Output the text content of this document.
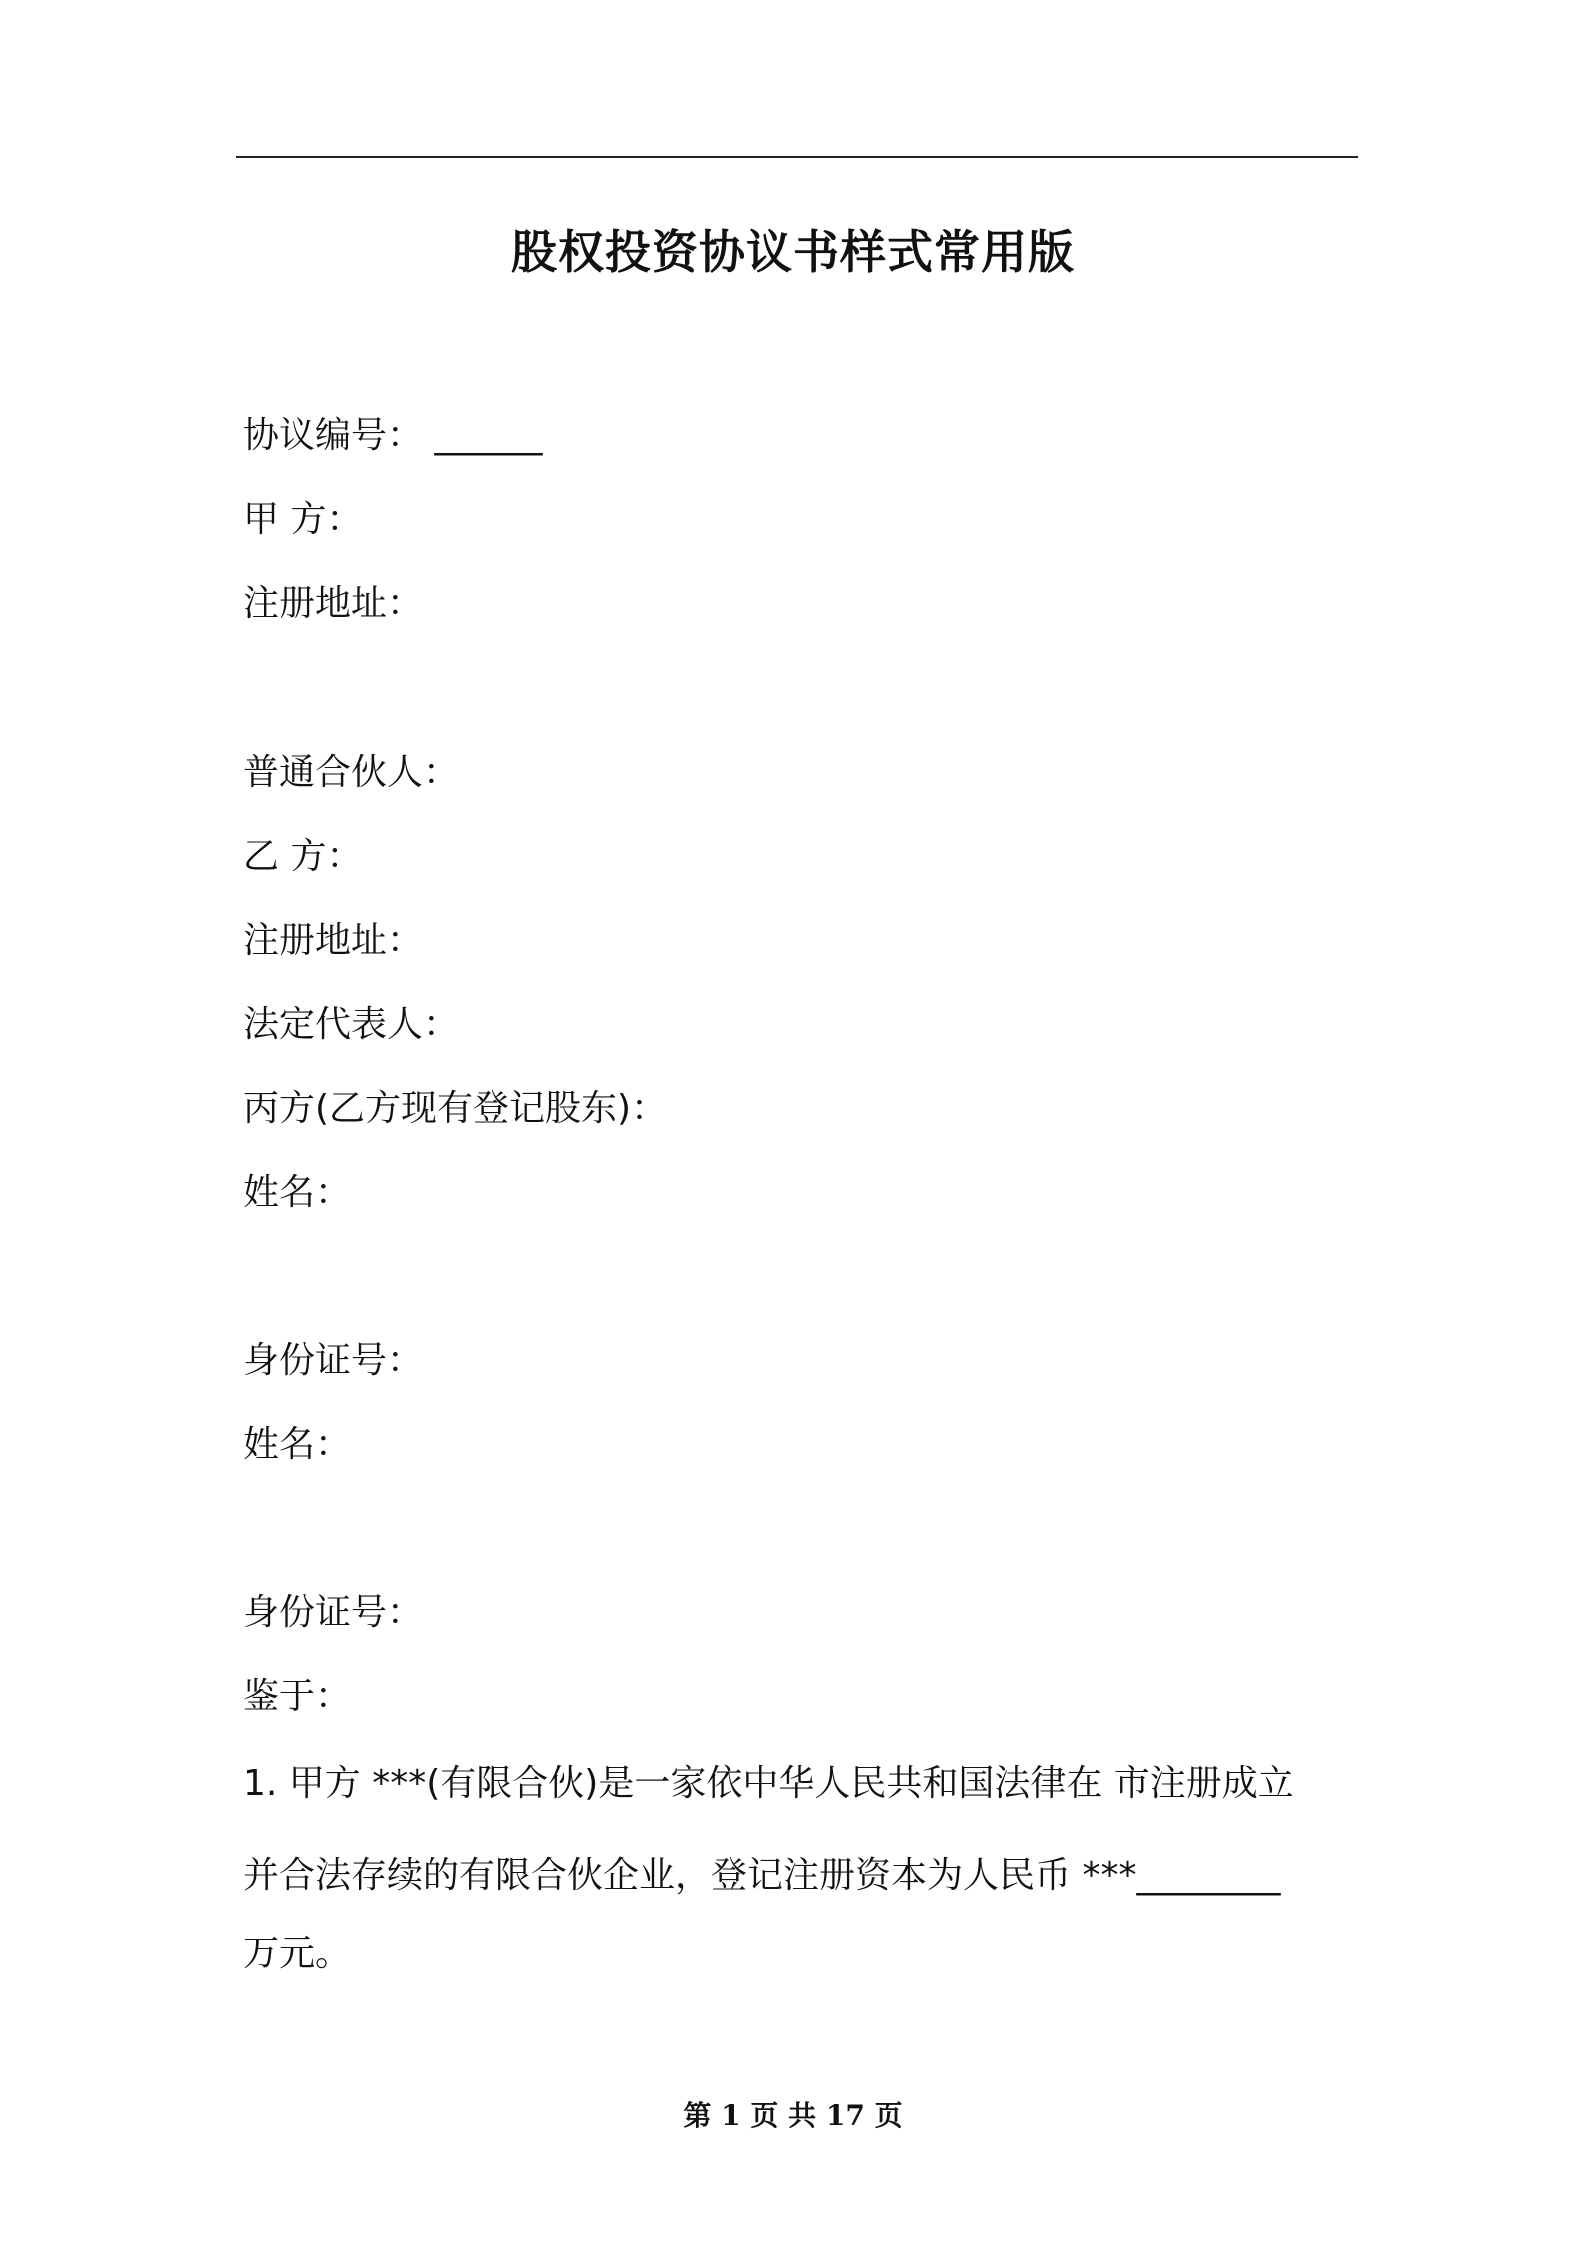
股权投资协议书样式常用版
协议编号： ______
甲 方：
注册地址：
普通合伙人：
乙 方：
注册地址：
法定代表人：
丙方(乙方现有登记股东)：
姓名：
身份证号：
姓名：
身份证号：
鉴于：
1. 甲方 ***(有限合伙)是一家依中华人民共和国法律在 市注册成立
并合法存续的有限合伙企业，登记注册资本为人民币 ***________
万元。
第 1 页 共 17 页
